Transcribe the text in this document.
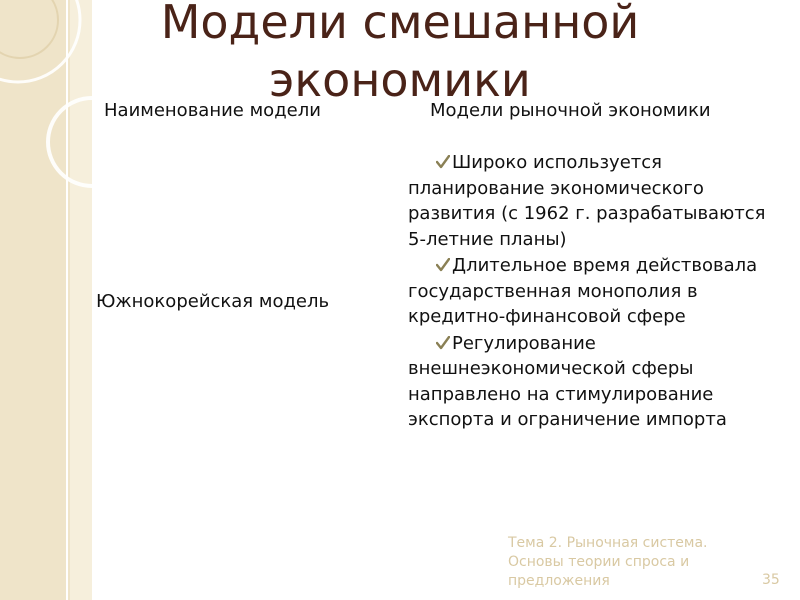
Модели смешанной
экономики
Наименование модели	Модели рыночной экономики
Южнокорейская модель
Широко используется планирование экономического развития (с 1962 г. разрабатываются 5-летние планы)
Длительное время действовала государственная монополия в кредитно-финансовой сфере
Регулирование внешнеэкономической сферы направлено на стимулирование экспорта и ограничение импорта
Тема 2. Рыночная система. Основы теории спроса и предложения	35
